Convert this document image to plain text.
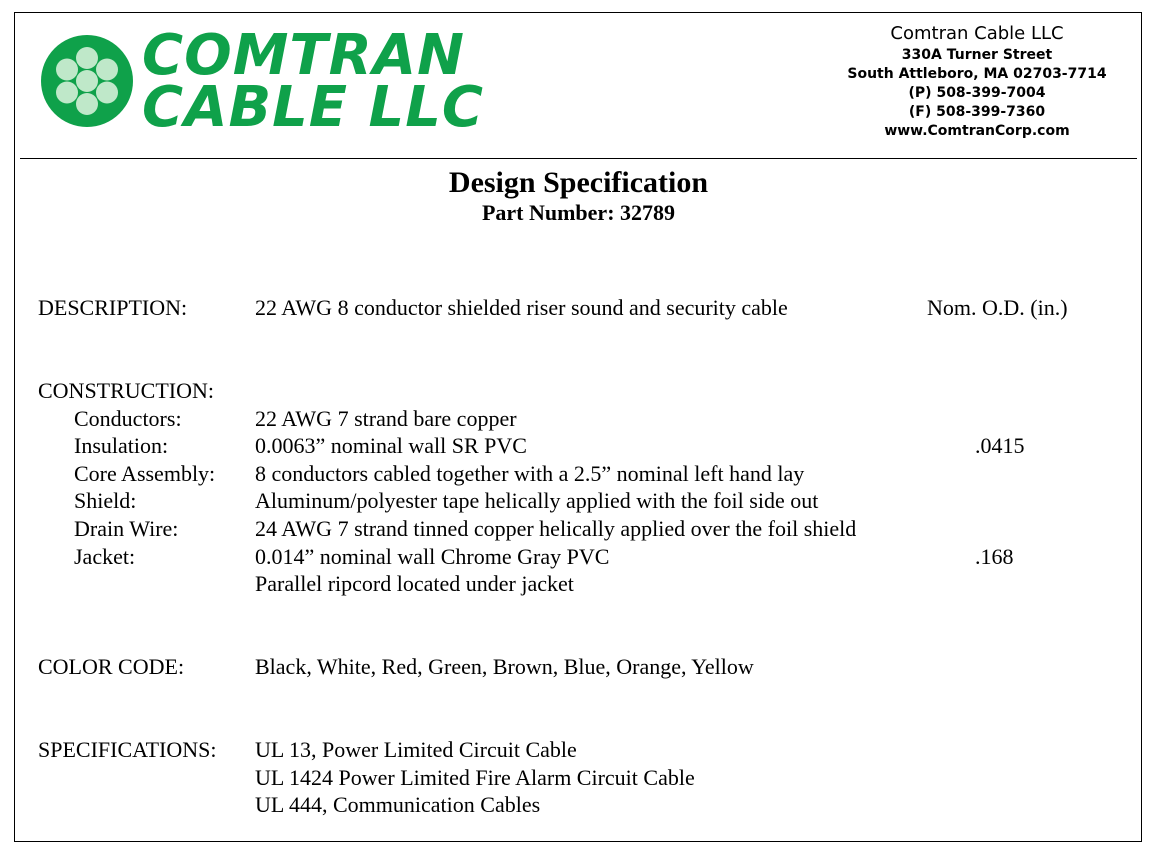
COMTRAN
CABLE LLC
Comtran Cable LLC
330A Turner Street
South Attleboro, MA 02703-7714
(P) 508-399-7004
(F) 508-399-7360
www.ComtranCorp.com
Design Specification
Part Number: 32789
DESCRIPTION:	22 AWG 8 conductor shielded riser sound and security cable	Nom. O.D. (in.)
CONSTRUCTION:
Conductors:	22 AWG 7 strand bare copper
Insulation:	0.0063” nominal wall SR PVC	.0415
Core Assembly: 8 conductors cabled together with a 2.5” nominal left hand lay
Shield:	Aluminum/polyester tape helically applied with the foil side out
Drain Wire:	24 AWG 7 strand tinned copper helically applied over the foil shield
Jacket:	0.014” nominal wall Chrome Gray PVC	.168
Parallel ripcord located under jacket
COLOR CODE:	Black, White, Red, Green, Brown, Blue, Orange, Yellow
SPECIFICATIONS: UL 13, Power Limited Circuit Cable
UL 1424 Power Limited Fire Alarm Circuit Cable
UL 444, Communication Cables
